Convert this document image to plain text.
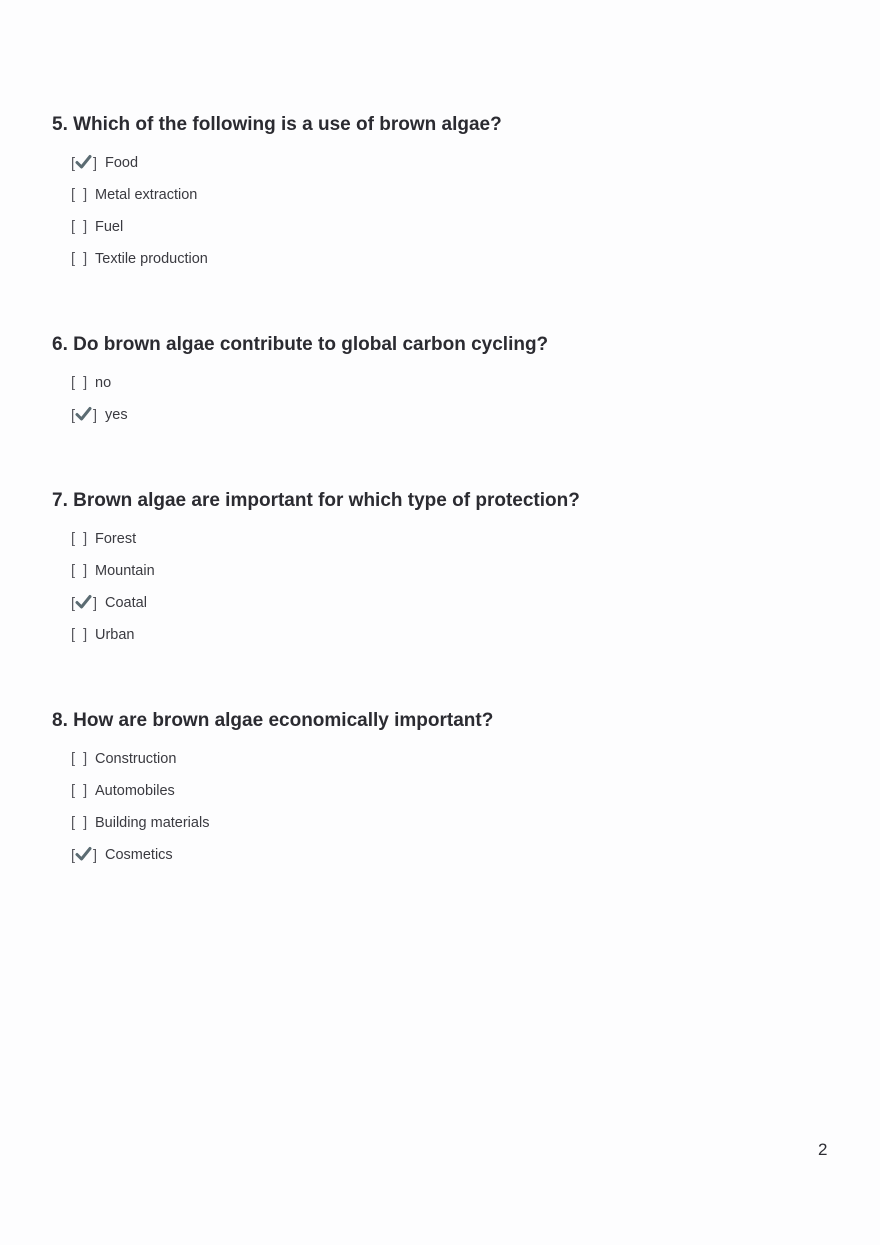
5. Which of the following is a use of brown algae?
[ ] Food
[ ] Metal extraction
[ ] Fuel
[ ] Textile production
6. Do brown algae contribute to global carbon cycling?
[ ] no
[ ] yes
7. Brown algae are important for which type of protection?
[ ] Forest
[ ] Mountain
[ ] Coatal
[ ] Urban
8. How are brown algae economically important?
[ ] Construction
[ ] Automobiles
[ ] Building materials
[ ] Cosmetics
2
